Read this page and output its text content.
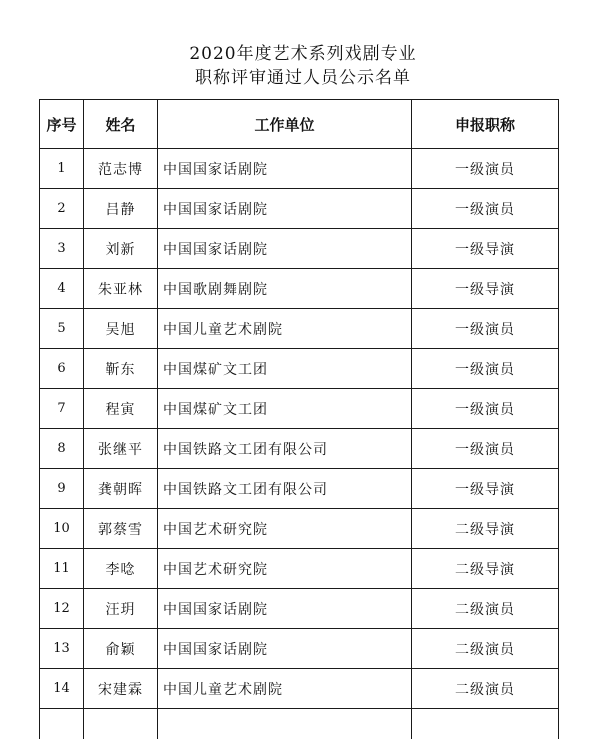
2020年度艺术系列戏剧专业
职称评审通过人员公示名单
序号	姓名	工作单位	申报职称
1	范志博	中国国家话剧院	一级演员
2	吕静	中国国家话剧院	一级演员
3	刘新	中国国家话剧院	一级导演
4	朱亚林	中国歌剧舞剧院	一级导演
5	吴旭	中国儿童艺术剧院	一级演员
6	靳东	中国煤矿文工团	一级演员
7	程寅	中国煤矿文工团	一级演员
8	张继平	中国铁路文工团有限公司	一级演员
9	龚朝晖	中国铁路文工团有限公司	一级导演
10	郭蔡雪	中国艺术研究院	二级导演
11	李唸	中国艺术研究院	二级导演
12	汪玥	中国国家话剧院	二级演员
13	俞颖	中国国家话剧院	二级演员
14	宋建霖	中国儿童艺术剧院	二级演员
